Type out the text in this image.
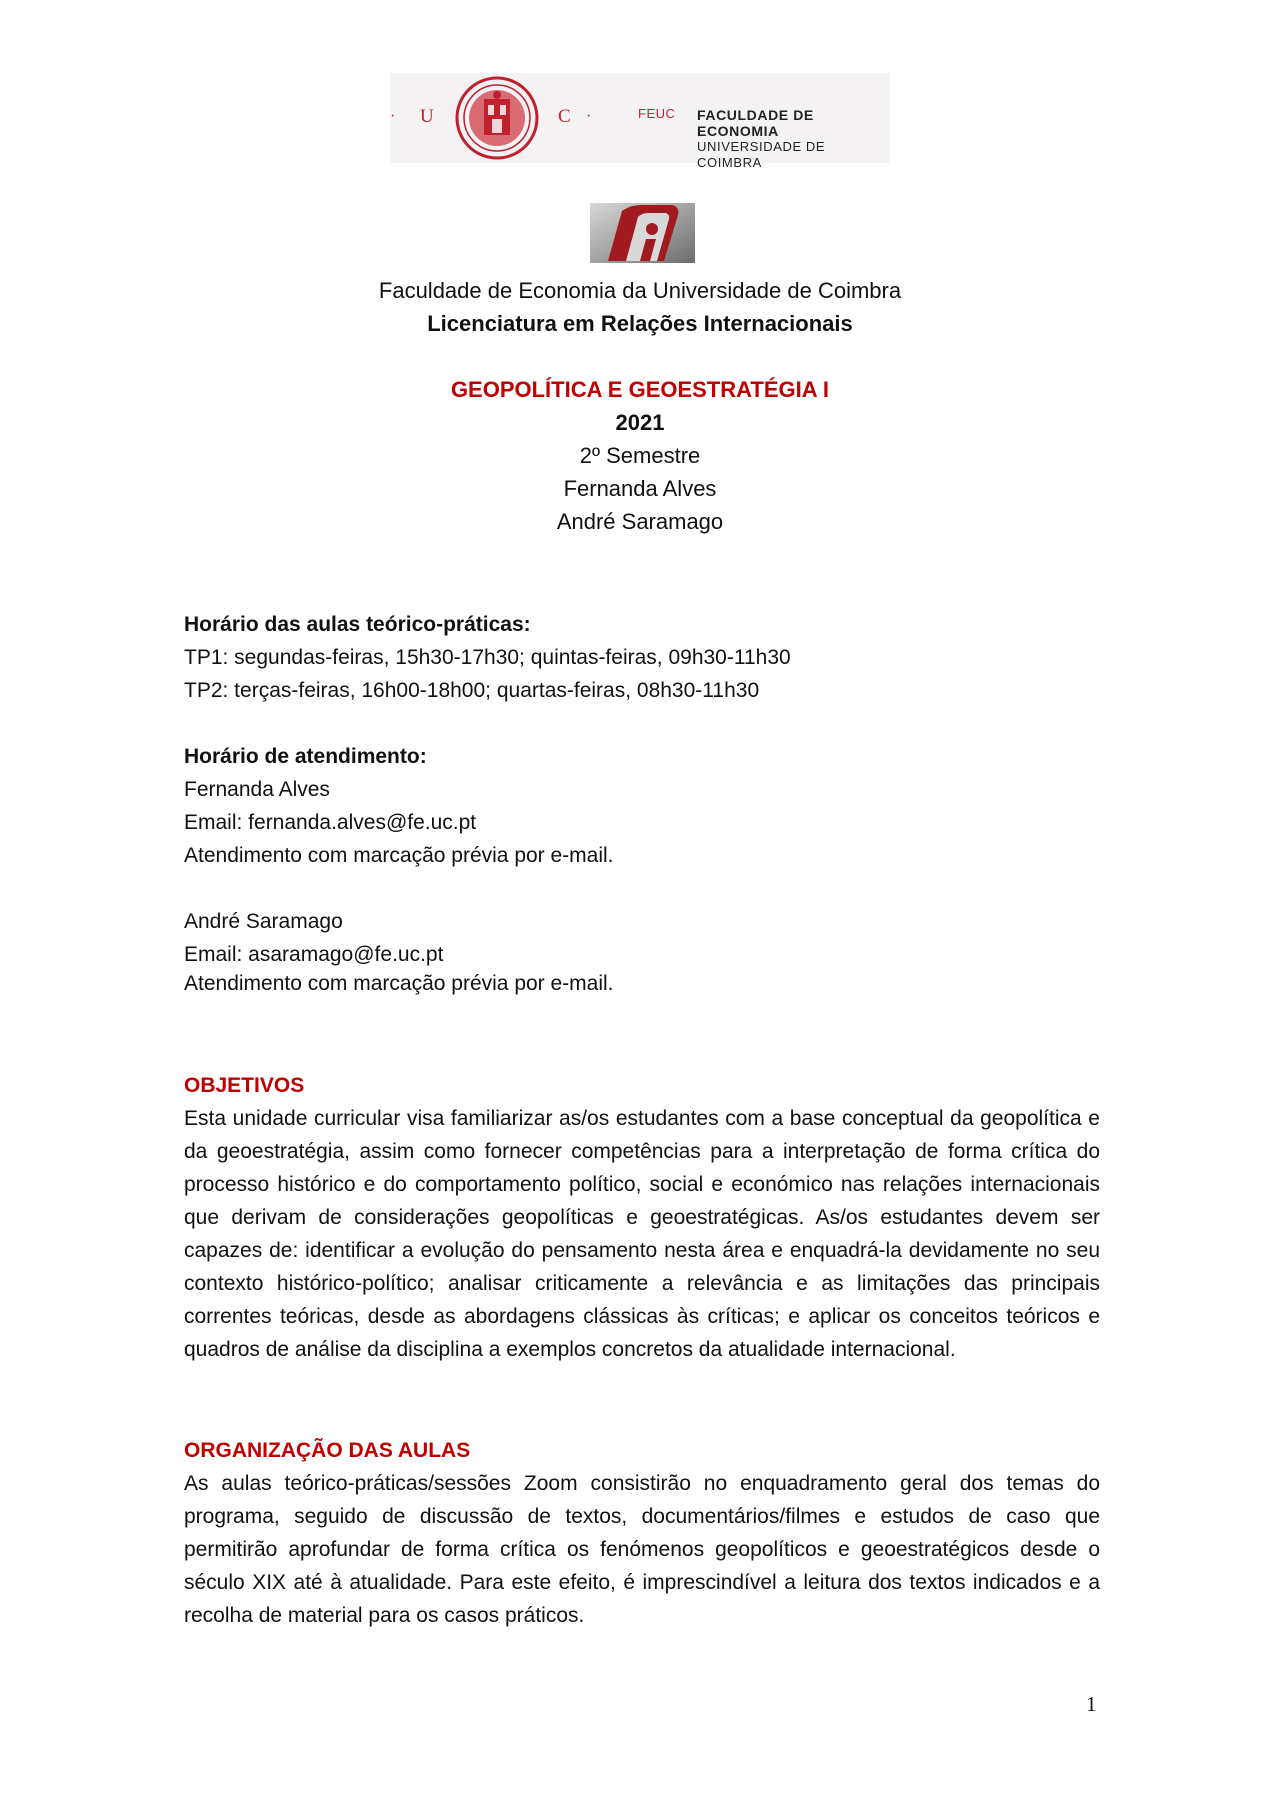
· U	C ·	FEUC FACULDADE DE ECONOMIA
UNIVERSIDADE DE COIMBRA
Faculdade de Economia da Universidade de Coimbra
Licenciatura em Relações Internacionais
GEOPOLÍTICA E GEOESTRATÉGIA I
2021
2º Semestre
Fernanda Alves
André Saramago
Horário das aulas teórico-práticas:
TP1: segundas-feiras, 15h30-17h30; quintas-feiras, 09h30-11h30
TP2: terças-feiras, 16h00-18h00; quartas-feiras, 08h30-11h30
Horário de atendimento:
Fernanda Alves
Email: fernanda.alves@fe.uc.pt
Atendimento com marcação prévia por e-mail.
André Saramago
Email: asaramago@fe.uc.pt
Atendimento com marcação prévia por e-mail.
OBJETIVOS

Esta unidade curricular visa familiarizar as/os estudantes com a base conceptual da geopolítica e da geoestratégia, assim como fornecer competências para a interpretação de forma crítica do processo histórico e do comportamento político, social e económico nas relações internacionais que derivam de considerações geopolíticas e geoestratégicas. As/os estudantes devem ser capazes de: identificar a evolução do pensamento nesta área e enquadrá-la devidamente no seu contexto histórico-político; analisar criticamente a relevância e as limitações das principais correntes teóricas, desde as abordagens clássicas às críticas; e aplicar os conceitos teóricos e quadros de análise da disciplina a exemplos concretos da atualidade internacional.

ORGANIZAÇÃO DAS AULAS

As aulas teórico-práticas/sessões Zoom consistirão no enquadramento geral dos temas do programa, seguido de discussão de textos, documentários/filmes e estudos de caso que permitirão aprofundar de forma crítica os fenómenos geopolíticos e geoestratégicos desde o século XIX até à atualidade. Para este efeito, é imprescindível a leitura dos textos indicados e a recolha de material para os casos práticos.

1
